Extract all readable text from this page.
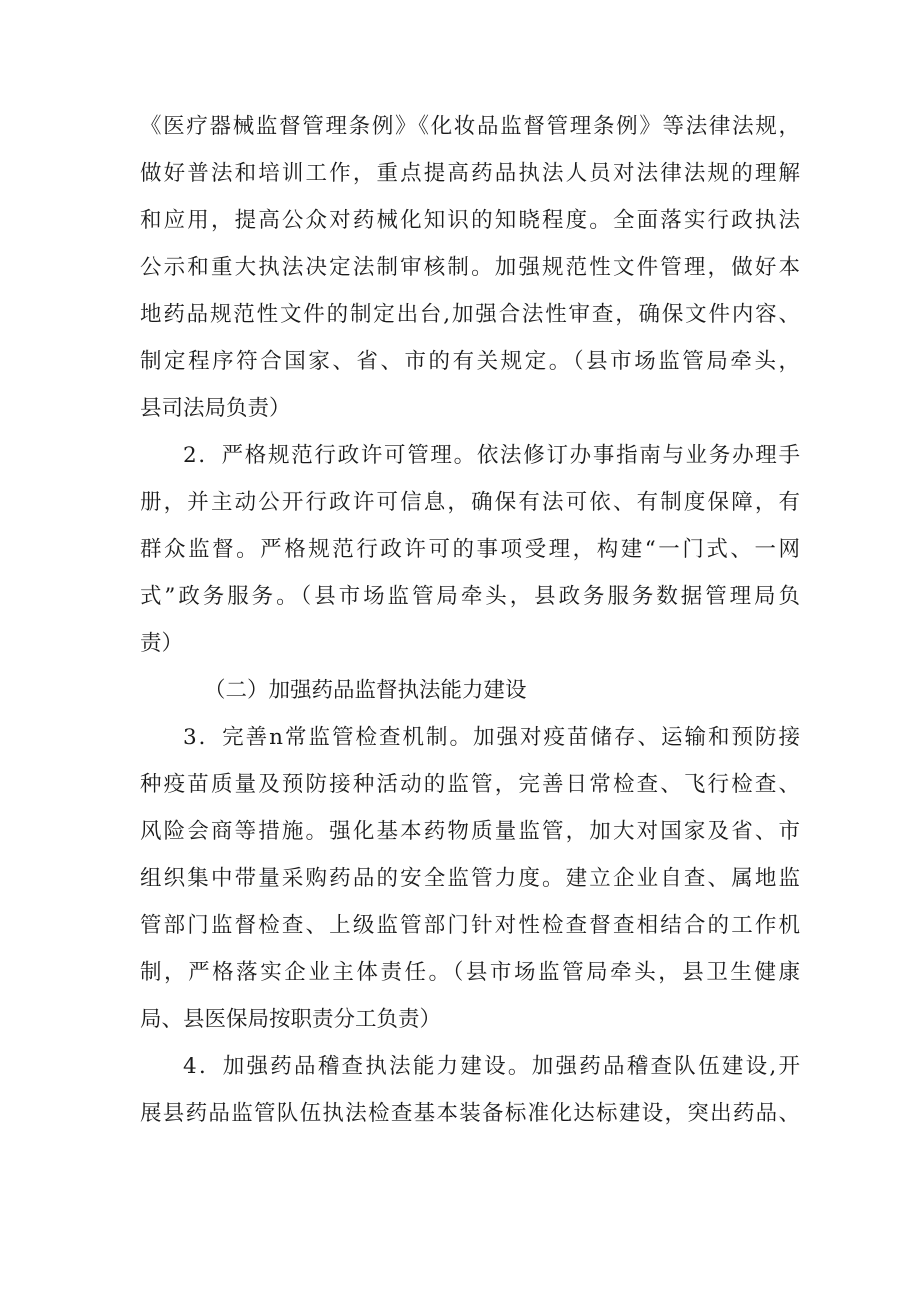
《医疗器械监督管理条例》《化妆品监督管理条例》等法律法规，
做好普法和培训工作，重点提高药品执法人员对法律法规的理解
和应用，提高公众对药械化知识的知晓程度。全面落实行政执法
公示和重大执法决定法制审核制。加强规范性文件管理，做好本
地药品规范性文件的制定出台,加强合法性审查，确保文件内容、
制定程序符合国家、省、市的有关规定。（县市场监管局牵头，
县司法局负责）
2．严格规范行政许可管理。依法修订办事指南与业务办理手
册，并主动公开行政许可信息，确保有法可依、有制度保障，有
群众监督。严格规范行政许可的事项受理，构建“一门式、一网
式”政务服务。（县市场监管局牵头，县政务服务数据管理局负
责）
（二）加强药品监督执法能力建设
3．完善n常监管检查机制。加强对疫苗储存、运输和预防接
种疫苗质量及预防接种活动的监管，完善日常检查、飞行检查、
风险会商等措施。强化基本药物质量监管，加大对国家及省、市
组织集中带量采购药品的安全监管力度。建立企业自查、属地监
管部门监督检查、上级监管部门针对性检查督查相结合的工作机
制，严格落实企业主体责任。（县市场监管局牵头，县卫生健康
局、县医保局按职责分工负责）
4．加强药品稽查执法能力建设。加强药品稽查队伍建设,开
展县药品监管队伍执法检查基本装备标准化达标建设，突出药品、
